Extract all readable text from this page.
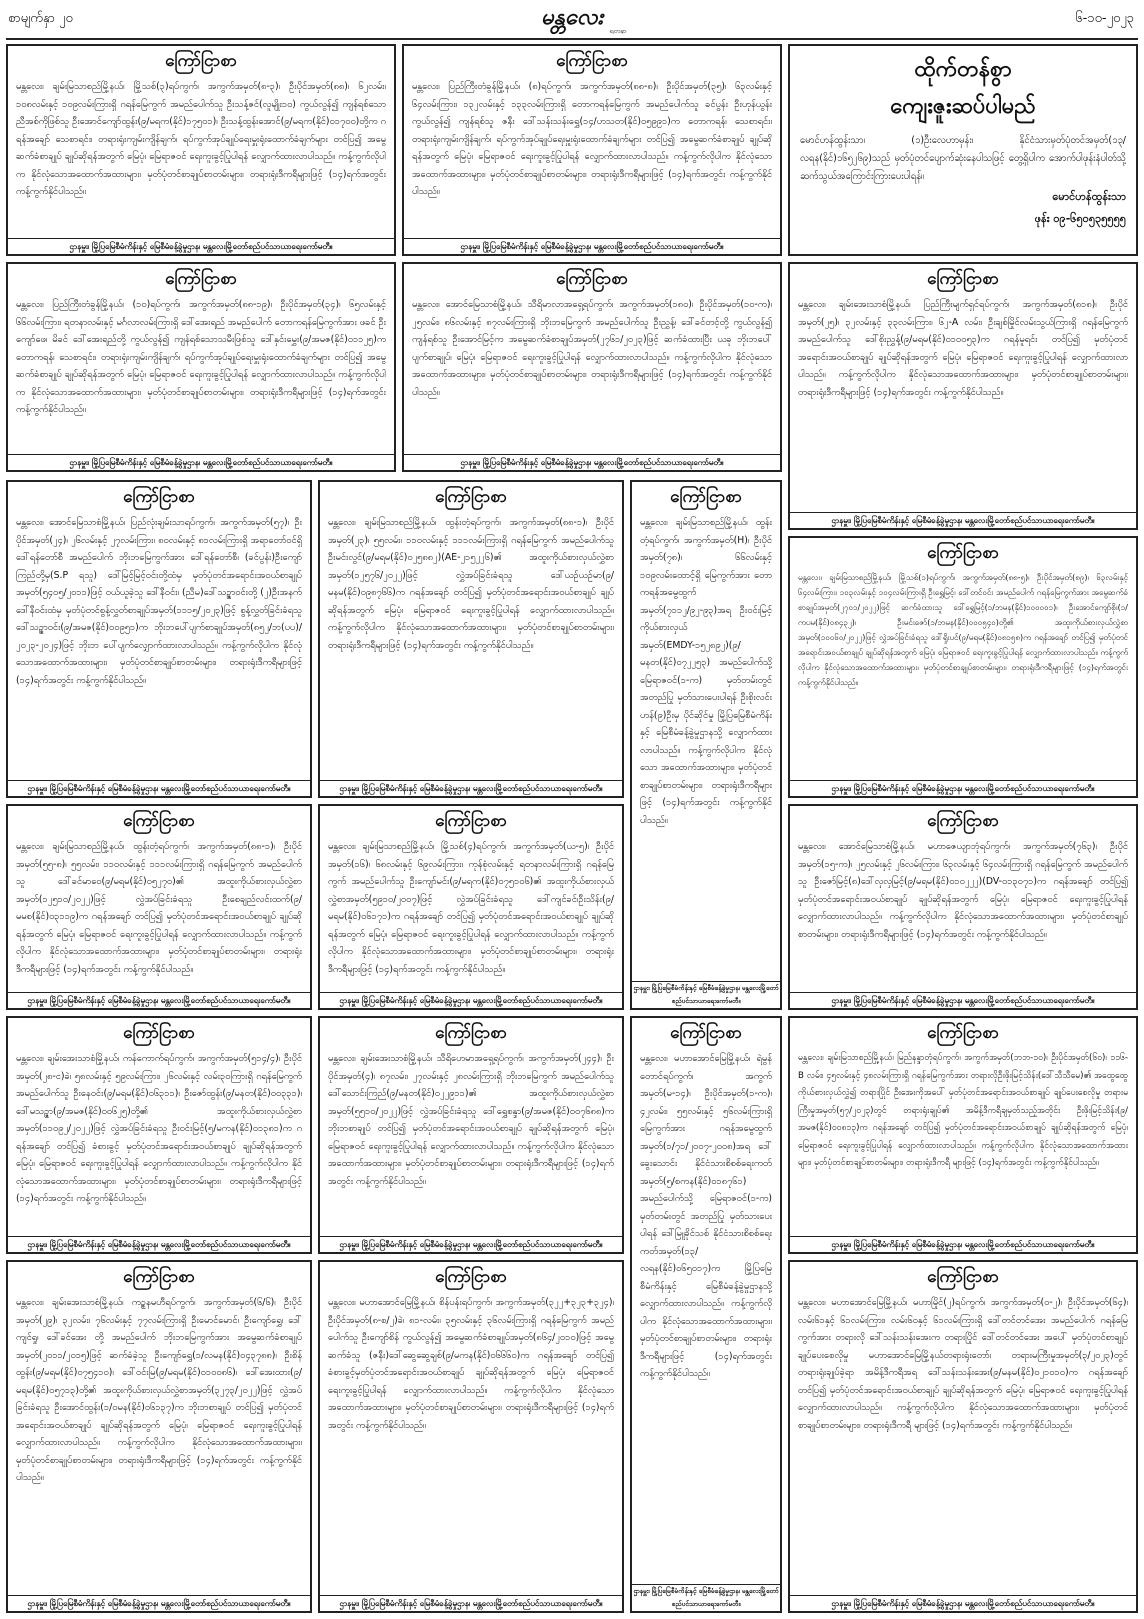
စာမျက်နှာ ၂၀	မန္တလေး
ရတနာ
၆-၁၀-၂၀၂၃
ကြော်ငြာစာ
မန္တလေး၊ ချမ်းမြသာစည်မြို့နယ်၊ မြို့သစ်(၃)ရပ်ကွက်၊ အကွက်အမှတ်(၈-၃)၊ ဦးပိုင်အမှတ်(၈၈)၊ ၆၂လမ်း၊ ၁၀၈လမ်းနှင့် ၁၀၉လမ်းကြားရှိ ဂရန်မြေကွက် အမည်ပေါက်သူ ဦးသန့်ဇင်(လူမျိုး၁၀) ကွယ်လွန်၍ ကျန်ရစ်သော ညီအစ်ကိုဖြစ်သူ ဦးအောင်ကျော်ထွန်း(၉/မရက(နိုင်)၁၇၅၀၁)၊ ဦးသန့်ထွန်းအောင်(၉/မရက(နိုင်)၀၁၇၀၀)တို့က ဂရန်အချော် သေစာရင်း၊ တရားရုံးကျမ်းကျိန်ချက်၊ ရပ်ကွက်အုပ်ချုပ်ရေးမှူးရုံးထောက်ခံချက်များ တင်ပြ၍ အမွေဆက်ခံစာချုပ် ချုပ်ဆိုရန်အတွက် မြေပုံ၊ မြေရာဇဝင် ရေးကူးခွင့်ပြုပါရန် လျှောက်ထားလာပါသည်။ ကန့်ကွက်လိုပါက နိုင်လုံသောအထောက်အထားများ၊ မှတ်ပုံတင်စာချုပ်စာတမ်းများ၊ တရားရုံးဒီကရီများဖြင့် (၁၄)ရက်အတွင်း ကန့်ကွက်နိုင်ပါသည်။
ဌာနမှူး၊ မြို့ပြမြေစီမံကိန်းနှင့် မြေစီမံခန့်ခွဲမှုဌာန၊ မန္တလေးမြို့တော်စည်ပင်သာယာရေးကော်မတီ။
ကြော်ငြာစာ
မန္တလေး၊ ပြည်ကြီးတံခွန်မြို့နယ်၊ (၈)ရပ်ကွက်၊ အကွက်အမှတ်(၈၈-၈)၊ ဦးပိုင်အမှတ်(၃၅)၊ ၆၃လမ်းနှင့် ၆၄လမ်းကြား၊ ၁၃၂လမ်းနှင့် ၁၃၃လမ်းကြားရှိ တောကရန်မြေကွက် အမည်ပေါက်သူ ခင်ပွန်း ဦးဟုန်ယွန်း ကွယ်လွန်၍ ကျန်ရစ်သူ ဇနီး ဒေါ်သန်းသန်းရွှေ(၁၄/ဟသတ(နိုင်)၀၅၉၉၁)က တောကရန်၊ သေစာရင်း၊ တရားရုံးကျမ်းကျိန်ချက်၊ ရပ်ကွက်အုပ်ချုပ်ရေးမှူးရုံးထောက်ခံချက်များ တင်ပြ၍ အမွေဆက်ခံစာချုပ် ချုပ်ဆိုရန်အတွက် မြေပုံ၊ မြေရာဇဝင် ရေးကူးခွင့်ပြုပါရန် လျှောက်ထားလာပါသည်။ ကန့်ကွက်လိုပါက နိုင်လုံသောအထောက်အထားများ၊ မှတ်ပုံတင်စာချုပ်စာတမ်းများ၊ တရားရုံးဒီကရီများဖြင့် (၁၄)ရက်အတွင်း ကန့်ကွက်နိုင်ပါသည်။
ဌာနမှူး၊ မြို့ပြမြေစီမံကိန်းနှင့် မြေစီမံခန့်ခွဲမှုဌာန၊ မန္တလေးမြို့တော်စည်ပင်သာယာရေးကော်မတီ။
ထိုက်တန်စွာ
ကျေးဇူးဆပ်ပါမည်
မောင်ဟန်ထွန်းသာ၊ (၁)ဦးလေဟာမှန်း၊ နိုင်ငံသားမှတ်ပုံတင်အမှတ်(၁၃/လရန(နိုင်)၁၆၅၂၆၉)သည် မှတ်ပုံတင်ပျောက်ဆုံးနေပါသဖြင့် တွေ့ရှိပါက အောက်ပါဖုန်းနံပါတ်သို့ ဆက်သွယ်အကြောင်းကြားပေးပါရန်။
မောင်ဟန်ထွန်းသာ
ဖုန်း ၀၉-၆၅၀၅၃၅၅၅၅
ကြော်ငြာစာ
မန္တလေး၊ ပြည်ကြီးတံခွန်မြို့နယ်၊ (၁၀)ရပ်ကွက်၊ အကွက်အမှတ်(၈၈-၁၉)၊ ဦးပိုင်အမှတ်(၃၄)၊ ၆၅လမ်းနှင့် ၆၆လမ်းကြား၊ ရတနာလမ်းနှင့် မင်္ဂလာလမ်းကြားရှိ ဒေါ်အေးရည် အမည်ပေါက် တောကရန်မြေကွက်အား ဖခင် ဦးကျော်ဖေ၊ မိခင် ဒေါ်အေးရည်တို့ ကွယ်လွန်၍ ကျန်ရစ်သောသမီးဖြစ်သူ ဒေါ်နှင်းမွှေး(၉/အမဇ(နိုင်)၀၁၁၂၅)က တောကရန်၊ သေစာရင်း၊ တရားရုံးကျမ်းကျိန်ချက်၊ ရပ်ကွက်အုပ်ချုပ်ရေးမှူးရုံးထောက်ခံချက်များ တင်ပြ၍ အမွေဆက်ခံစာချုပ် ချုပ်ဆိုရန်အတွက် မြေပုံ၊ မြေရာဇဝင် ရေးကူးခွင့်ပြုပါရန် လျှောက်ထားလာပါသည်။ ကန့်ကွက်လိုပါက နိုင်လုံသောအထောက်အထားများ၊ မှတ်ပုံတင်စာချုပ်စာတမ်းများ၊ တရားရုံးဒီကရီများဖြင့် (၁၄)ရက်အတွင်း ကန့်ကွက်နိုင်ပါသည်။
ဌာနမှူး၊ မြို့ပြမြေစီမံကိန်းနှင့် မြေစီမံခန့်ခွဲမှုဌာန၊ မန္တလေးမြို့တော်စည်ပင်သာယာရေးကော်မတီ။
ကြော်ငြာစာ
မန္တလေး၊ အောင်မြေသာစံမြို့နယ်၊ သီရိမာလာအရှေ့ရပ်ကွက်၊ အကွက်အမှတ်(၁၈၀)၊ ဦးပိုင်အမှတ်(၁၀-က)၊ ၂၅လမ်း၊ ၈၆လမ်းနှင့် ၈၇လမ်းကြားရှိ ဘိုးဘမြေကွက် အမည်ပေါက်သူ ဦးညွှန့်၊ ဒေါ်ခင်တင့်တို့ ကွယ်လွန်၍ ကျန်ရစ်သူ ဦးအောင်မြင့်က အမွေဆက်ခံစာချုပ်အမှတ်(၂၇၆၁/၂၀၂၃)ဖြင့် ဆက်ခံထားပြီး ယခု ဘိုးဘပေါ်ပျက်စာချုပ်၊ မြေပုံ၊ မြေရာဇဝင် ရေးကူးခွင့်ပြုပါရန် လျှောက်ထားလာပါသည်။ ကန့်ကွက်လိုပါက နိုင်လုံသောအထောက်အထားများ၊ မှတ်ပုံတင်စာချုပ်စာတမ်းများ၊ တရားရုံးဒီကရီများဖြင့် (၁၄)ရက်အတွင်း ကန့်ကွက်နိုင်ပါသည်။
ဌာနမှူး၊ မြို့ပြမြေစီမံကိန်းနှင့် မြေစီမံခန့်ခွဲမှုဌာန၊ မန္တလေးမြို့တော်စည်ပင်သာယာရေးကော်မတီ။
ကြော်ငြာစာ
မန္တလေး၊ ချမ်းအေးသာစံမြို့နယ်၊ ပြည်ကြီးမျက်ရှင်ရပ်ကွက်၊ အကွက်အမှတ်(၈၁၈)၊ ဦးပိုင်အမှတ်(၂၅)၊ ၃၂လမ်းနှင့် ၃၃လမ်းကြား၊ ၆၂-A လမ်း၊ ဦးချစ်မြိုင်လမ်းသွယ်ကြားရှိ ဂရန်မြေကွက် အမည်ပေါက်သူ ဒေါ်စိုးညွှန့်(၉/မရမ(နိုင်)၀၁၀၀၅၃)က ဂရန်မူရင်း တင်ပြ၍ မှတ်ပုံတင်အရောင်းအဝယ်စာချုပ် ချုပ်ဆိုရန်အတွက် မြေပုံ၊ မြေရာဇဝင် ရေးကူးခွင့်ပြုပါရန် လျှောက်ထားလာပါသည်။ ကန့်ကွက်လိုပါက နိုင်လုံသောအထောက်အထားများ၊ မှတ်ပုံတင်စာချုပ်စာတမ်းများ၊ တရားရုံးဒီကရီများဖြင့် (၁၄)ရက်အတွင်း ကန့်ကွက်နိုင်ပါသည်။
ဌာနမှူး၊ မြို့ပြမြေစီမံကိန်းနှင့် မြေစီမံခန့်ခွဲမှုဌာန၊ မန္တလေးမြို့တော်စည်ပင်သာယာရေးကော်မတီ။
ကြော်ငြာစာ
မန္တလေး၊ အောင်မြေသာစံမြို့နယ်၊ ပြည်လုံးချမ်းသာရပ်ကွက်၊ အကွက်အမှတ်(၅၇)၊ ဦးပိုင်အမှတ်(၂၄)၊ ၂၆လမ်းနှင့် ၂၇လမ်းကြား၊ ၈၀လမ်းနှင့် ၈၁လမ်းကြားရှိ အရာတော်ဝင်ရှိ ဒေါ်ရန်တော်စီ အမည်ပေါက် ဘိုးဘမြေကွက်အား ဒေါ်ရန်တော်စီ၊ (ခင်ပွန်း)ဦးကျော်ကြည်တို့မှ(S.P ရသူ) ဒေါ်မြင့်မြင့်ဝင်းတို့ထံမှ မှတ်ပုံတင်အရောင်းအဝယ်စာချုပ်အမှတ်(၅၄၀၅/၂၀၁၁)ဖြင့် ဝယ်ယူခဲ့သူ ဒေါ်နီဝင်း၊ (ညီမ)ဒေါ်သဉ္ဇာဝင်းတို့ (၂)ဦးအနက် ဒေါ်နီဝင်းထံမှ မှတ်ပုံတင်စွန့်လွှတ်စာချုပ်အမှတ်(၁၁၁၅/၂၀၂၃)ဖြင့် စွန့်လွှတ်ခြင်းခံရသူ ဒေါ်သဉ္ဇာဝင်း(၉/အမဇ(နိုင်)၀၀၉၅၁)က ဘိုးဘပေါ်ပျက်စာချုပ်အမှတ်(၈၅၂/ဘ(ပပ)/၂၀၂၃-၂၀၂၄)ဖြင့် ဘိုးဘ ပေါ်ပျက်လျှောက်ထားလာပါသည်။ ကန့်ကွက်လိုပါက နိုင်လုံသောအထောက်အထားများ၊ မှတ်ပုံတင်စာချုပ်စာတမ်းများ၊ တရားရုံးဒီကရီများဖြင့် (၁၄)ရက်အတွင်း ကန့်ကွက်နိုင်ပါသည်။
ဌာနမှူး၊ မြို့ပြမြေစီမံကိန်းနှင့် မြေစီမံခန့်ခွဲမှုဌာန၊ မန္တလေးမြို့တော်စည်ပင်သာယာရေးကော်မတီ။
ကြော်ငြာစာ
မန္တလေး၊ ချမ်းမြသာစည်မြို့နယ်၊ ထွန်းတံ့ရပ်ကွက်၊ အကွက်အမှတ်(၈၈-၁)၊ ဦးပိုင်အမှတ်(၂၃)၊ ၅၅လမ်း၊ ၁၁၀လမ်းနှင့် ၁၁၁လမ်းကြားရှိ ဂရန်မြေကွက် အမည်ပေါက်သူ ဦးမင်းလွင်(၉/မရမ(နိုင်)၀၂၅၈၈၂)(AE-၂၁၅၂၂၆)၏ အထူးကိုယ်စားလှယ်လွှဲစာအမှတ်(၁၂၅၇၆/၂၀၂၂)ဖြင့် လွှဲအပ်ခြင်းခံရသူ ဒေါ်ယဉ်ယဉ်မာ(၉/မနမ(နိုင်)၀၉၈၇၆၆)က ဂရန်အချော် တင်ပြ၍ မှတ်ပုံတင်အရောင်းအဝယ်စာချုပ် ချုပ်ဆိုရန်အတွက် မြေပုံ၊ မြေရာဇဝင် ရေးကူးခွင့်ပြုပါရန် လျှောက်ထားလာပါသည်။ ကန့်ကွက်လိုပါက နိုင်လုံသောအထောက်အထားများ၊ မှတ်ပုံတင်စာချုပ်စာတမ်းများ၊ တရားရုံးဒီကရီများဖြင့် (၁၄)ရက်အတွင်း ကန့်ကွက်နိုင်ပါသည်။
ဌာနမှူး၊ မြို့ပြမြေစီမံကိန်းနှင့် မြေစီမံခန့်ခွဲမှုဌာန၊ မန္တလေးမြို့တော်စည်ပင်သာယာရေးကော်မတီ။
ကြော်ငြာစာ
မန္တလေး၊ ချမ်းမြသာစည်မြို့နယ်၊ ထွန်းတံ့ရပ်ကွက်၊ အကွက်အမှတ်(H)၊ ဦးပိုင်အမှတ်(၇၈)၊ ၆၆လမ်းနှင့် ၁၀၉လမ်းထောင့်ရှိ မြေကွက်အား တောကရန်အမွေထွက်အမှတ်(၇၁၁၂/၉၂-၉၃)အရ ဦးဝင်းမြင့် ကိုယ်စားလှယ်အမှတ်(EMDY-၁၅၂၈၉၂)(၉/မနတ(နိုင်)၀၇၂၂၅၃) အမည်ပေါက်သို့ မြေရာဇဝင်(၁-က) မှတ်တမ်းတွင် အတည်ပြု မှတ်သားပေးပါရန် ဦးစိုးလင်းဟန်(၉)ဦးမှ ပိုင်ဆိုင်မှု မြို့ပြမြေစီမံကိန်းနှင့် မြေစီမံခန့်ခွဲမှုဌာနသို့ လျှောက်ထားလာပါသည်။ ကန့်ကွက်လိုပါက နိုင်လုံသော အထောက်အထားများ၊ မှတ်ပုံတင်စာချုပ်စာတမ်းများ၊ တရားရုံးဒီကရီများဖြင့် (၁၄)ရက်အတွင်း ကန့်ကွက်နိုင်ပါသည်။
ဌာနမှူး၊ မြို့ပြမြေစီမံကိန်းနှင့် မြေစီမံခန့်ခွဲမှုဌာန၊ မန္တလေးမြို့တော်စည်ပင်သာယာရေးကော်မတီ။
ကြော်ငြာစာ
မန္တလေး၊ ချမ်းမြသာစည်မြို့နယ်၊ မြို့သစ်(၁)ရပ်ကွက်၊ အကွက်အမှတ်(၈၈-၅)၊ ဦးပိုင်အမှတ်(၈၉)၊ ၆၃လမ်းနှင့် ၆၄လမ်းကြား၊ ၁၀၃လမ်းနှင့် ၁၀၄လမ်းကြားရှိ ဦးရွှေမြင့်၊ ဒေါ်တင်ဝင်း အမည်ပေါက် ဂရန်မြေကွက်အား အမွေဆက်ခံစာချုပ်အမှတ်(၂၇၀၁/၂၀၂၂)ဖြင့် ဆက်ခံထားသူ ဒေါ်ရွှေမြင့်(၁/ဘမန(နိုင်)၁၀၀၀၀၁)၊ ဦးအောင်ကျော်စိုး(၁/ကပမ(နိုင်)၀၈၄၃၂)၊ ဦးမင်းဇော်(၁/ဘမန(နိုင်)၀၀၀၅၄၀)တို့၏ အထူးကိုယ်စားလှယ်လွှဲစာအမှတ်(၁၀၀၆၀/၂၀၂၂)ဖြင့် လွှဲအပ်ခြင်းခံရသူ ဒေါ်ရှိုးပင်(၉/မရမ(နိုင်)၀၈၁၅၈)က ဂရန်အချော် တင်ပြ၍ မှတ်ပုံတင်အရောင်းအဝယ်စာချုပ် ချုပ်ဆိုရန်အတွက် မြေပုံ၊ မြေရာဇဝင် ရေးကူးခွင့်ပြုပါရန် လျှောက်ထားလာပါသည်။ ကန့်ကွက်လိုပါက နိုင်လုံသောအထောက်အထားများ၊ မှတ်ပုံတင်စာချုပ်စာတမ်းများ၊ တရားရုံးဒီကရီများဖြင့် (၁၄)ရက်အတွင်း ကန့်ကွက်နိုင်ပါသည်။
ဌာနမှူး၊ မြို့ပြမြေစီမံကိန်းနှင့် မြေစီမံခန့်ခွဲမှုဌာန၊ မန္တလေးမြို့တော်စည်ပင်သာယာရေးကော်မတီ။
ကြော်ငြာစာ
မန္တလေး၊ ချမ်းမြသာစည်မြို့နယ်၊ ထွန်းတံ့ရပ်ကွက်၊ အကွက်အမှတ်(၈၈-၁)၊ ဦးပိုင်အမှတ်(၅၅-၈)၊ ၅၅လမ်း၊ ၁၁၀လမ်းနှင့် ၁၁၁လမ်းကြားရှိ ဂရန်မြေကွက် အမည်ပေါက်သူ ဒေါ်ခင်မာဝေ(၉/မရမ(နိုင်)၀၅၂၇၀)၏ အထူးကိုယ်စားလှယ်လွှဲစာအမှတ်(၁၂၅၁၀/၂၀၂၂)ဖြင့် လွှဲအပ်ခြင်းခံရသူ ဦးစေချည်လင်းထက်(၉/မမစ(နိုင်)၀၃၁၁၉)က ဂရန်အချော် တင်ပြ၍ မှတ်ပုံတင်အရောင်းအဝယ်စာချုပ် ချုပ်ဆိုရန်အတွက် မြေပုံ၊ မြေရာဇဝင် ရေးကူးခွင့်ပြုပါရန် လျှောက်ထားလာပါသည်။ ကန့်ကွက်လိုပါက နိုင်လုံသောအထောက်အထားများ၊ မှတ်ပုံတင်စာချုပ်စာတမ်းများ၊ တရားရုံးဒီကရီများဖြင့် (၁၄)ရက်အတွင်း ကန့်ကွက်နိုင်ပါသည်။
ဌာနမှူး၊ မြို့ပြမြေစီမံကိန်းနှင့် မြေစီမံခန့်ခွဲမှုဌာန၊ မန္တလေးမြို့တော်စည်ပင်သာယာရေးကော်မတီ။
ကြော်ငြာစာ
မန္တလေး၊ ချမ်းမြသာစည်မြို့နယ်၊ မြို့သစ်(၄)ရပ်ကွက်၊ အကွက်အမှတ်(ယ-၅)၊ ဦးပိုင်အမှတ်(၁၆)၊ ၆၈လမ်းနှင့် ၆၉လမ်းကြား၊ ကုန်စုံလမ်းနှင့် ရတနာလမ်းကြားရှိ ဂရန်မြေကွက် အမည်ပေါက်သူ ဦးကျော်မင်း(၉/မရက(နိုင်)၀၇၅၁၀၆)၏ အထူးကိုယ်စားလှယ်လွှဲစာအမှတ်(၅၉၁၀/၂၀၀၇)ဖြင့် လွှဲအပ်ခြင်းခံရသူ ဒေါ်ကျင်ခင်၊ဦးသိန်း(၉/မရမ(နိုင်)၀၆၁၇၁)က ဂရန်အချော် တင်ပြ၍ မှတ်ပုံတင်အရောင်းအဝယ်စာချုပ် ချုပ်ဆိုရန်အတွက် မြေပုံ၊ မြေရာဇဝင် ရေးကူးခွင့်ပြုပါရန် လျှောက်ထားလာပါသည်။ ကန့်ကွက်လိုပါက နိုင်လုံသောအထောက်အထားများ၊ မှတ်ပုံတင်စာချုပ်စာတမ်းများ၊ တရားရုံးဒီကရီများဖြင့် (၁၄)ရက်အတွင်း ကန့်ကွက်နိုင်ပါသည်။
ဌာနမှူး၊ မြို့ပြမြေစီမံကိန်းနှင့် မြေစီမံခန့်ခွဲမှုဌာန၊ မန္တလေးမြို့တော်စည်ပင်သာယာရေးကော်မတီ။
ကြော်ငြာစာ
မန္တလေး၊ အောင်မြေသာစံမြို့နယ်၊ မဟာဇေယျာဘုံရပ်ကွက်၊ အကွက်အမှတ်(၇၆၃)၊ ဦးပိုင်အမှတ်(၁၅-က)၊ ၂၅လမ်းနှင့် ၂၆လမ်းကြား၊ ၆၃လမ်းနှင့် ၆၄လမ်းကြားရှိ ဂရန်မြေကွက် အမည်ပေါက်သူ ဦးဇော်မြင့်(၈)ဒေါ်လှလှမြင့်(၉/မရမ(နိုင်)၀၁၀၂၂၂)(DV-၀၁၃၀၇၁)က ဂရန်အချော် တင်ပြ၍ မှတ်ပုံတင်အရောင်းအဝယ်စာချုပ် ချုပ်ဆိုရန်အတွက် မြေပုံ၊ မြေရာဇဝင် ရေးကူးခွင့်ပြုပါရန် လျှောက်ထားလာပါသည်။ ကန့်ကွက်လိုပါက နိုင်လုံသောအထောက်အထားများ၊ မှတ်ပုံတင်စာချုပ် စာတမ်းများ၊ တရားရုံးဒီကရီများဖြင့် (၁၄)ရက်အတွင်း ကန့်ကွက်နိုင်ပါသည်။
ဌာနမှူး၊ မြို့ပြမြေစီမံကိန်းနှင့် မြေစီမံခန့်ခွဲမှုဌာန၊ မန္တလေးမြို့တော်စည်ပင်သာယာရေးကော်မတီ။
ကြော်ငြာစာ
မန္တလေး၊ ချမ်းအေးသာစံမြို့နယ်၊ ကန်ကောက်ရပ်ကွက်၊ အကွက်အမှတ်(၅၁၄/၄)၊ ဦးပိုင်အမှတ်(၂၈-င)ခဲ၊ ၅၈လမ်းနှင့် ၅၉လမ်းကြား၊ ၂၆လမ်းနှင့် လမ်း၃၀ကြားရှိ ဂရန်မြေကွက် အမည်ပေါက်သူ ဦးနေဝင်း(၉/မရမ(နိုင်)၀၆၃၁၁)၊ ဦးဇော်ထွန်း(၉/မနတ(နိုင်)၀၀၃၃၁)၊ ဒေါ်မသဉ္ဇာ(၉/အမဇ(နိုင်)၀၀၆၂၅)တို့၏ အထူးကိုယ်စားလှယ်လွှဲစာအမှတ်(၁၁၀၉၂/၂၀၂၂)ဖြင့် လွှဲအပ်ခြင်းခံရသူ ဦးဝင်းမြင့်(၅/မကန(နိုင်)၀၁၃၈၁)က ဂရန်အချော် တင်ပြ၍ ခံစားခွင့် မှတ်ပုံတင်အရောင်းအဝယ်စာချုပ် ချုပ်ဆိုရန်အတွက် မြေပုံ၊ မြေရာဇဝင် ရေးကူးခွင့်ပြုပါရန် လျှောက်ထားလာပါသည်။ ကန့်ကွက်လိုပါက နိုင်လုံသောအထောက်အထားများ၊ မှတ်ပုံတင်စာချုပ်စာတမ်းများ၊ တရားရုံးဒီကရီများဖြင့် (၁၄)ရက်အတွင်း ကန့်ကွက်နိုင်ပါသည်။
ဌာနမှူး၊ မြို့ပြမြေစီမံကိန်းနှင့် မြေစီမံခန့်ခွဲမှုဌာန၊ မန္တလေးမြို့တော်စည်ပင်သာယာရေးကော်မတီ။
ကြော်ငြာစာ
မန္တလေး၊ ချမ်းအေးသာစံမြို့နယ်၊ သီရိဟေမာအရှေ့ရပ်ကွက်၊ အကွက်အမှတ်(၂၄၄)၊ ဦးပိုင်အမှတ်(၄)၊ ၈၇လမ်း၊ ၂၇လမ်းနှင့် ၂၈လမ်းကြားရှိ ဘိုးဘမြေကွက် အမည်ပေါက်သူ ဒေါ်သောင်းကြည်(၉/မနတ(နိုင်)၀၂၂၉၁၁)၏ အထူးကိုယ်စားလှယ်လွှဲစာအမှတ်(၅၅၁၀/၂၀၂၂)ဖြင့် လွှဲအပ်ခြင်းခံရသူ ဒေါ်ရွှေစန္ဒာ(၉/အမဇ(နိုင်)၀၀၇၆၈၈)က ဘိုးဘစာချုပ် တင်ပြ၍ မှတ်ပုံတင်အရောင်းအဝယ်စာချုပ် ချုပ်ဆိုရန်အတွက် မြေပုံ၊ မြေရာဇဝင် ရေးကူးခွင့်ပြုပါရန် လျှောက်ထားလာပါသည်။ ကန့်ကွက်လိုပါက နိုင်လုံသောအထောက်အထားများ၊ မှတ်ပုံတင်စာချုပ်စာတမ်းများ၊ တရားရုံးဒီကရီများဖြင့် (၁၄)ရက်အတွင်း ကန့်ကွက်နိုင်ပါသည်။
ဌာနမှူး၊ မြို့ပြမြေစီမံကိန်းနှင့် မြေစီမံခန့်ခွဲမှုဌာန၊ မန္တလေးမြို့တော်စည်ပင်သာယာရေးကော်မတီ။
ကြော်ငြာစာ
မန္တလေး၊ မဟာအောင်မြေမြို့နယ်၊ ရဲမွန်တောင်ရပ်ကွက်၊ အကွက်အမှတ်(မ-၁၄)၊ ဦးပိုင်အမှတ်(၁-က)၊ ၄၂လမ်း၊ ၅၅လမ်းနှင့် ၅၆လမ်းကြားရှိ မြေကွက်အား ဂရန်အမွေထွက်အမှတ်(၁/၇၁/၂၀၀၇-၂၀၀၈)အရ ဒေါ်ခွေးသောင်း နိုင်ငံသားစိစစ်ရေးကတ်အမှတ်(၅/စကန(နိုင်)၀၁၈၇၆၁) အမည်ပေါက်သို့ မြေရာဇဝင်(၁-က) မှတ်တမ်းတွင် အတည်ပြု မှတ်သားပေးပါရန် ဒေါ်မြူခိုင်သစ် နိုင်ငံသားစိစစ်ရေးကတ်အမှတ်(၁၃/လရန(နိုင်)၀၆၅၀၁၇)က မြို့ပြမြေစီမံကိန်းနှင့် မြေစီမံခန့်ခွဲမှုဌာနသို့ လျှောက်ထားလာပါသည်။ ကန့်ကွက်လိုပါက နိုင်လုံသောအထောက်အထားများ၊ မှတ်ပုံတင်စာချုပ်စာတမ်းများ၊ တရားရုံးဒီကရီများဖြင့် (၁၄)ရက်အတွင်း ကန့်ကွက်နိုင်ပါသည်။
ဌာနမှူး၊ မြို့ပြမြေစီမံကိန်းနှင့် မြေစီမံခန့်ခွဲမှုဌာန၊ မန္တလေးမြို့တော်စည်ပင်သာယာရေးကော်မတီ။
ကြော်ငြာစာ
မန္တလေး၊ ချမ်းမြသာစည်မြို့နယ်၊ မြည်နန္ဒာတုံရပ်ကွက်၊ အကွက်အမှတ်(ဘဘ-၁၀)၊ ဦးပိုင်အမှတ်(၆၀)၊ ၁၁၆-B လမ်း၊ ၄၅လမ်းနှင့် ၄၈လမ်းကြားရှိ ဂရန်မြေကွက်အား တရားလိုဦးဖိုးမြင့်သိန်း(ဒေါ်သီသီမေ)၏ အထွေထွေကိုယ်စားလှယ်လွှဲ၍ တရားပြိုင် ဦးအေးကိုအပေါ် မှတ်ပုံတင်အရောင်းအဝယ်စာချုပ် ချုပ်ပေးစေလိုမှု တရားမကြီးမှုအမှတ်(၅၇/၂၀၂၃)တွင် တရားရုံးချုပ်၏ အမိန့်ဒီကရီချမှတ်သည့်အတိုင်း ဦးဖိုးမြင့်သိန်း(၉/အမဇ(နိုင်)၀၀၈၁၃)က ဂရန်အချော် တင်ပြ၍ မှတ်ပုံတင်အရောင်းအဝယ်စာချုပ် ချုပ်ဆိုရန်အတွက် မြေပုံ၊ မြေရာဇဝင် ရေးကူးခွင့်ပြုပါရန် လျှောက်ထားလာပါသည်။ ကန့်ကွက်လိုပါက နိုင်လုံသောအထောက်အထားများ၊ မှတ်ပုံတင်စာချုပ်စာတမ်းများ၊ တရားရုံးဒီကရီ များဖြင့် (၁၄)ရက်အတွင်း ကန့်ကွက်နိုင်ပါသည်။
ဌာနမှူး၊ မြို့ပြမြေစီမံကိန်းနှင့် မြေစီမံခန့်ခွဲမှုဌာန၊ မန္တလေးမြို့တော်စည်ပင်သာယာရေးကော်မတီ။
ကြော်ငြာစာ
မန္တလေး၊ ချမ်းအေးသာစံမြို့နယ်၊ ကဉ္စနမဟီရပ်ကွက်၊ အကွက်အမှတ်(၆/၆)၊ ဦးပိုင်အမှတ်(၂၉)၊ ၃၂လမ်း၊ ၇၆လမ်းနှင့် ၇၇လမ်းကြားရှိ ဦးမောင်မောင်၊ ဦးကျော်ရွှေ၊ ဒေါ်ကျင်ရှု၊ ဒေါ်ခင်အေး တို့ အမည်ပေါက် ဘိုးဘမြေကွက်အား အမွေဆက်ခံစာချုပ်အမှတ်(၂၀၁၁/၂၀၁၅)ဖြင့် ဆက်ခံခဲ့သူ ဦးကျော်ရွှေ(၁/လမန(နိုင်)၀၄၃၇၈၈)၊ ဦးစိန်ထွန်း(၉/မရမ(နိုင်)၀၇၅၄၁၀)၊ ဒေါ်ဝင်းမြ(၉/မရမ(နိုင်)၀၁၀၀၈၆)၊ ဒေါ်အေးထား(၉/မရမ(နိုင်)၀၅၇၁၃)တို့၏ အထူးကိုယ်စားလှယ်လွှဲစာအမှတ်(၃၂၇၃/၂၀၂၂)ဖြင့် လွှဲအပ်ခြင်းခံရသူ ဦးအောင်ထွန်း(၁/ဝမန(နိုင်)၀၆၁၃၇)က ဘိုးဘစာချုပ် တင်ပြ၍ မှတ်ပုံတင်အရောင်းအဝယ်စာချုပ် ချုပ်ဆိုရန်အတွက် မြေပုံ၊ မြေရာဇဝင် ရေးကူးခွင့်ပြုပါရန် လျှောက်ထားလာပါသည်။ ကန့်ကွက်လိုပါက နိုင်လုံသောအထောက်အထားများ၊ မှတ်ပုံတင်စာချုပ်စာတမ်းများ၊ တရားရုံးဒီကရီများဖြင့် (၁၄)ရက်အတွင်း ကန့်ကွက်နိုင်ပါသည်။
ဌာနမှူး၊ မြို့ပြမြေစီမံကိန်းနှင့် မြေစီမံခန့်ခွဲမှုဌာန၊ မန္တလေးမြို့တော်စည်ပင်သာယာရေးကော်မတီ။
ကြော်ငြာစာ
မန္တလေး၊ မဟာအောင်မြေမြို့နယ်၊ စိန်ပန်းရပ်ကွက်၊ အကွက်အမှတ်(၃၂၂+၃၂၃+၃၂၄)၊ ဦးပိုင်အမှတ်(၈-စ/၂)ခဲ၊ ၈၁-လမ်း၊ ၃၅လမ်းနှင့် ၃၆လမ်းကြားရှိ ဂရန်မြေကွက် အမည်ပေါက်သူ ဦးကျော်စိန် ကွယ်လွန်၍ အမွေဆက်ခံစာချုပ်အမှတ်(၈၆၄/၂၀၁၀)ဖြင့် အမွေဆက်ခံသူ (ဇနီး)ဒေါ်ဆွေဆွေချစ်(၉/မကန(နိုင်)၀၆၆၆၀)က ဂရန်အချော် တင်ပြ၍ ခံစားခွင့်မှတ်ပုံတင်အရောင်းအဝယ်စာချုပ် ချုပ်ဆိုရန်အတွက် မြေပုံ၊ မြေရာဇဝင် ရေးကူးခွင့်ပြုပါရန် လျှောက်ထားလာပါသည်။ ကန့်ကွက်လိုပါက နိုင်လုံသောအထောက်အထားများ၊ မှတ်ပုံတင်စာချုပ်စာတမ်းများ၊ တရားရုံးဒီကရီများဖြင့် (၁၄)ရက်အတွင်း ကန့်ကွက်နိုင်ပါသည်။
ဌာနမှူး၊ မြို့ပြမြေစီမံကိန်းနှင့် မြေစီမံခန့်ခွဲမှုဌာန၊ မန္တလေးမြို့တော်စည်ပင်သာယာရေးကော်မတီ။
ကြော်ငြာစာ
မန္တလေး၊ မဟာအောင်မြေမြို့နယ်၊ မဟာမြိုင်(၂)ရပ်ကွက်၊ အကွက်အမှတ်(ဝ-၂)၊ ဦးပိုင်အမှတ်(၆၄)၊ လမ်း၆၁နှင့် ၆၁လမ်းကြား၊ လမ်း၆၀နှင့် ၆၁လမ်းကြားရှိ ဒေါ်တင်တင်အေး အမည်ပေါက် ဂရန်မြေကွက်အား တရားလို ဒေါ်သန်းသန်းအေးက တရားပြိုင် ဒေါ်တင်တင်အေး အပေါ် မှတ်ပုံတင်စာချုပ် ချုပ်ပေးစေလိုမှု မဟာအောင်မြေမြို့နယ်တရားရုံးတော်၊ တရားမကြီးမှုအမှတ်(၃/၂၀၂၃)တွင် တရားရုံးချုပ်ခဲ့ရာ အမိန့်ဒီကရီအရ ဒေါ်သန်းသန်းအေး(၉/မနမ(နိုင်)၀၂၁၀၁၀)က ဂရန်အချော် တင်ပြ၍ မှတ်ပုံတင်အရောင်းအဝယ်စာချုပ် ချုပ်ဆိုရန်အတွက် မြေပုံ၊ မြေရာဇဝင် ရေးကူးခွင့်ပြုပါရန် လျှောက်ထားလာပါသည်။ ကန့်ကွက်လိုပါက နိုင်လုံသောအထောက်အထားများ၊ မှတ်ပုံတင်စာချုပ်စာတမ်းများ၊ တရားရုံးဒီကရီ များဖြင့် (၁၄)ရက်အတွင်း ကန့်ကွက်နိုင်ပါသည်။
ဌာနမှူး၊ မြို့ပြမြေစီမံကိန်းနှင့် မြေစီမံခန့်ခွဲမှုဌာန၊ မန္တလေးမြို့တော်စည်ပင်သာယာရေးကော်မတီ။
